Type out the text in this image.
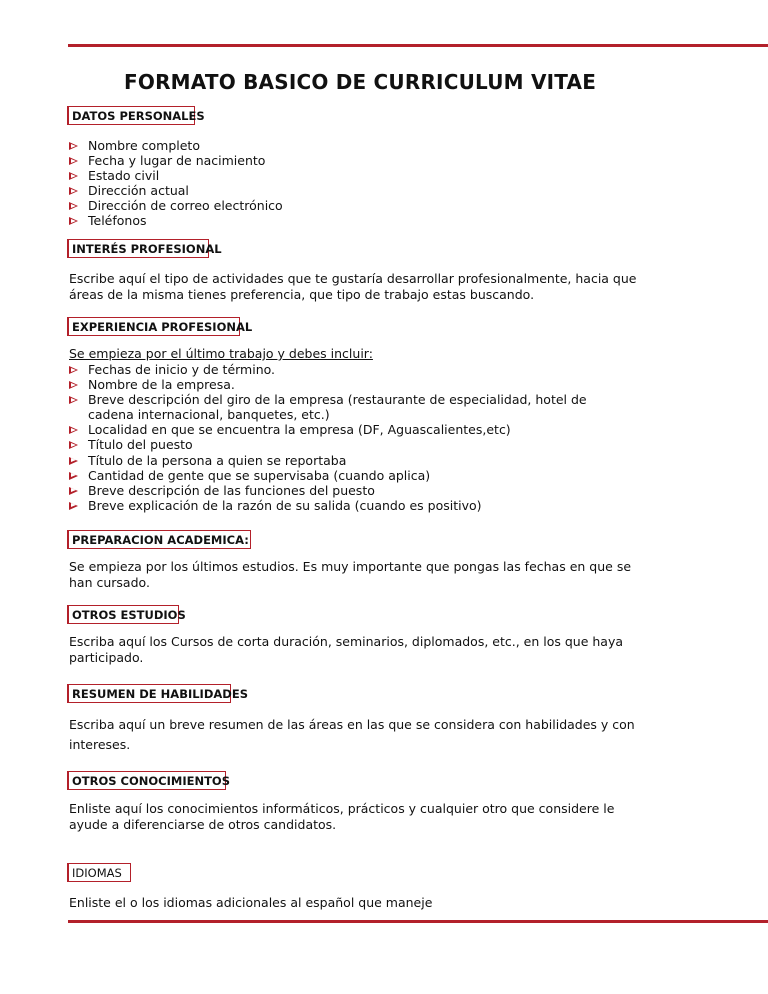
FORMATO BASICO DE CURRICULUM VITAE
DATOS PERSONALES
Nombre completo
Fecha y lugar de nacimiento
Estado civil
Dirección actual
Dirección de correo electrónico
Teléfonos
INTERÉS PROFESIONAL
Escribe aquí el tipo de actividades que te gustaría desarrollar profesionalmente, hacia que
áreas de la misma tienes preferencia, que tipo de trabajo estas buscando.
EXPERIENCIA PROFESIONAL
Se empieza por el último trabajo y debes incluir:
Fechas de inicio y de término.
Nombre de la empresa.
Breve descripción del giro de la empresa (restaurante de especialidad, hotel de
cadena internacional, banquetes, etc.)
Localidad en que se encuentra la empresa (DF, Aguascalientes,etc)
Título del puesto
Título de la persona a quien se reportaba
Cantidad de gente que se supervisaba (cuando aplica)
Breve descripción de las funciones del puesto
Breve explicación de la razón de su salida (cuando es positivo)
PREPARACION ACADEMICA:
Se empieza por los últimos estudios. Es muy importante que pongas las fechas en que se
han cursado.
OTROS ESTUDIOS
Escriba aquí los Cursos de corta duración, seminarios, diplomados, etc., en los que haya
participado.
RESUMEN DE HABILIDADES
Escriba aquí un breve resumen de las áreas en las que se considera con habilidades y con
intereses.
OTROS CONOCIMIENTOS
Enliste aquí los conocimientos informáticos, prácticos y cualquier otro que considere le
ayude a diferenciarse de otros candidatos.
IDIOMAS
Enliste el o los idiomas adicionales al español que maneje
